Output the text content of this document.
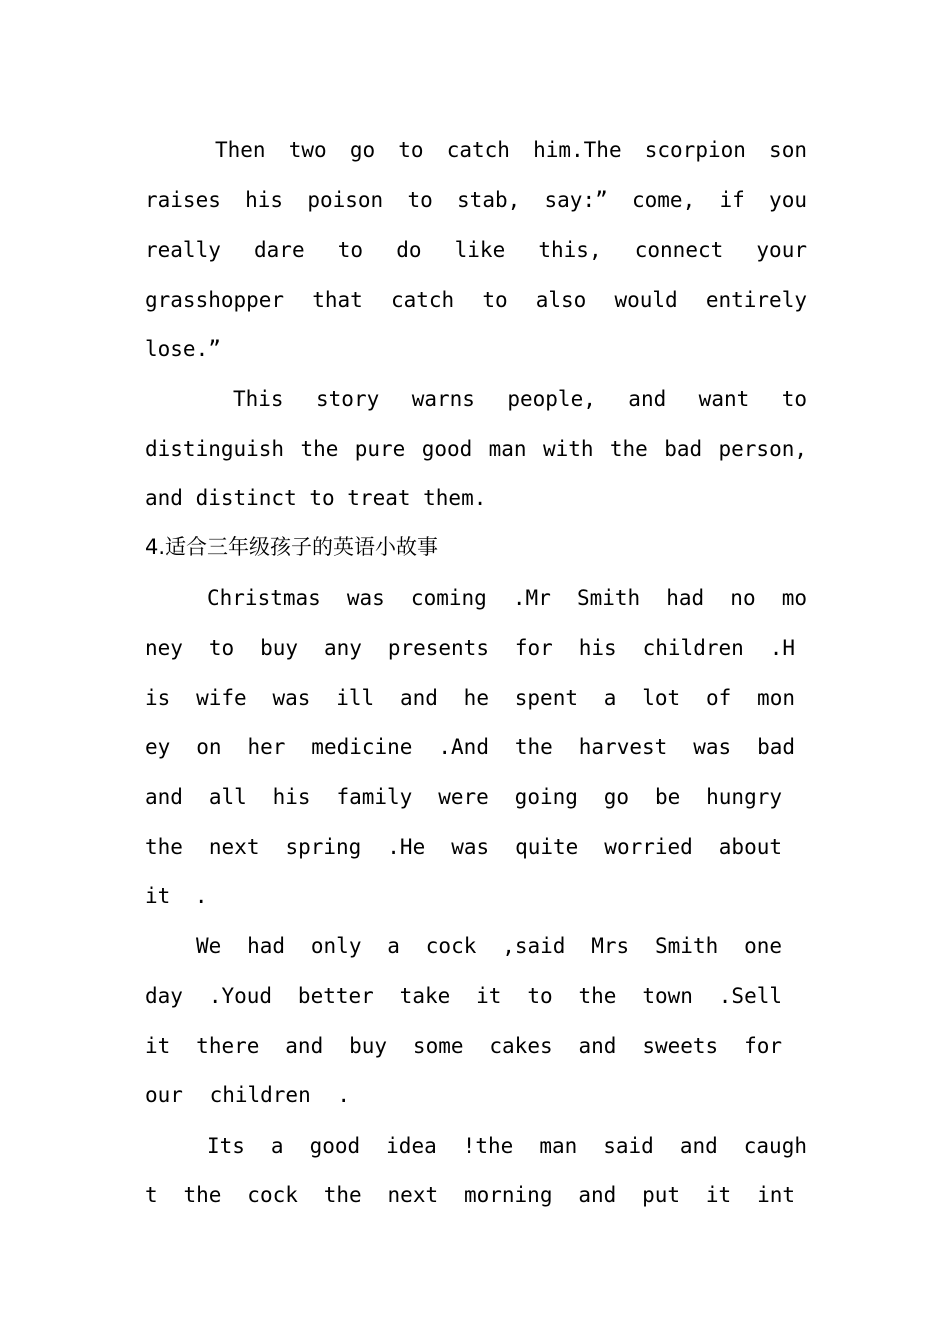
Then two go to catch him.The scorpion son
raises his poison to stab, say:” come, if you
really dare to do like this, connect your
grasshopper that catch to also would entirely
lose.”
This story warns people, and want to
distinguish the pure good man with the bad person,
and distinct to treat them.
4.适合三年级孩子的英语小故事
Christmas was coming .Mr Smith had no mo
ney to buy any presents for his children .H
is wife was ill and he spent a lot of mon
ey on her medicine .And the harvest was bad
and all his family were going go be hungry
the next spring .He was quite worried about
it .
We had only a cock ,said Mrs Smith one
day .Youd better take it to the town .Sell
it there and buy some cakes and sweets for
our children .
Its a good idea !the man said and caugh
t the cock the next morning and put it int
